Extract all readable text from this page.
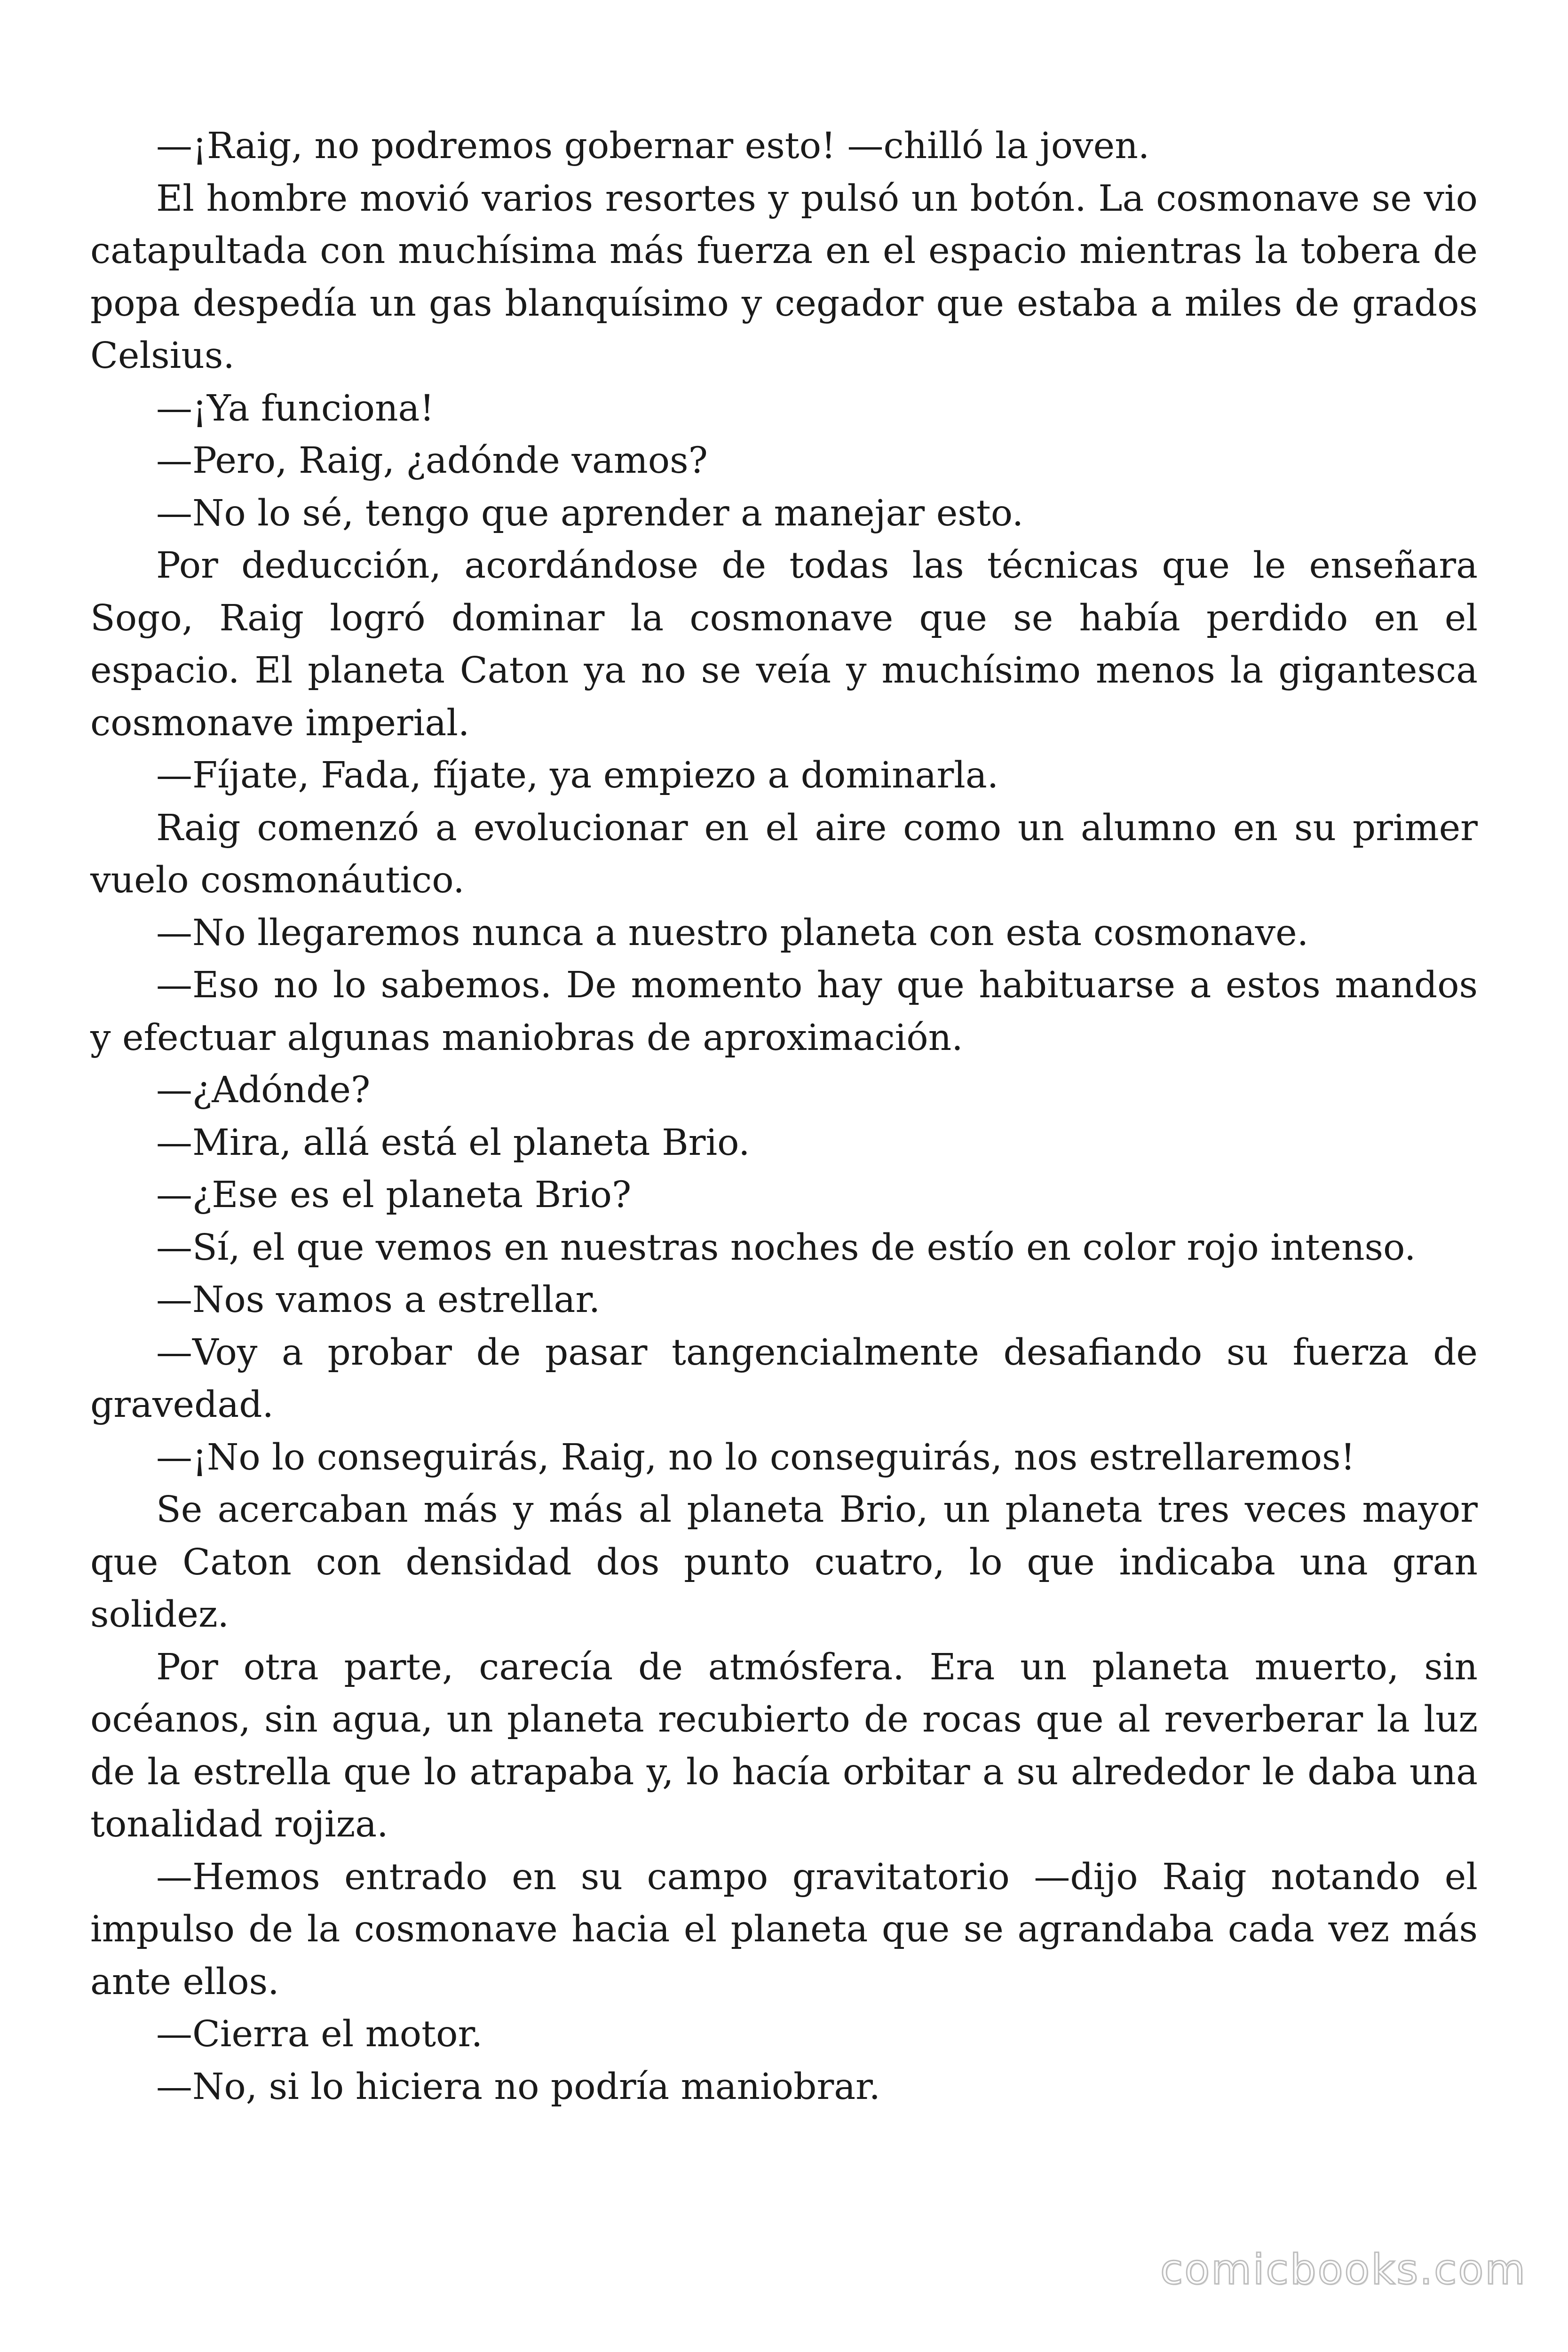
—¡Raig, no podremos gobernar esto! —chilló la joven.

El hombre movió varios resortes y pulsó un botón. La cosmonave se vio catapultada con muchísima más fuerza en el espacio mientras la tobera de popa despedía un gas blanquísimo y cegador que estaba a miles de grados Celsius.

—¡Ya funciona!

—Pero, Raig, ¿adónde vamos?

—No lo sé, tengo que aprender a manejar esto.

Por deducción, acordándose de todas las técnicas que le enseñara Sogo, Raig logró dominar la cosmonave que se había perdido en el espacio. El planeta Caton ya no se veía y muchísimo menos la gigantesca cosmonave imperial.

—Fíjate, Fada, fíjate, ya empiezo a dominarla.

Raig comenzó a evolucionar en el aire como un alumno en su primer vuelo cosmonáutico.

—No llegaremos nunca a nuestro planeta con esta cosmonave.

—Eso no lo sabemos. De momento hay que habituarse a estos mandos y efectuar algunas maniobras de aproximación.

—¿Adónde?

—Mira, allá está el planeta Brio.

—¿Ese es el planeta Brio?

—Sí, el que vemos en nuestras noches de estío en color rojo intenso.

—Nos vamos a estrellar.

—Voy a probar de pasar tangencialmente desafiando su fuerza de gravedad.

—¡No lo conseguirás, Raig, no lo conseguirás, nos estrellaremos!

Se acercaban más y más al planeta Brio, un planeta tres veces mayor que Caton con densidad dos punto cuatro, lo que indicaba una gran solidez.

Por otra parte, carecía de atmósfera. Era un planeta muerto, sin océanos, sin agua, un planeta recubierto de rocas que al reverberar la luz de la estrella que lo atrapaba y, lo hacía orbitar a su alrededor le daba una tonalidad rojiza.

—Hemos entrado en su campo gravitatorio —dijo Raig notando el impulso de la cosmonave hacia el planeta que se agrandaba cada vez más ante ellos.

—Cierra el motor.

—No, si lo hiciera no podría maniobrar.

comicbooks.com
